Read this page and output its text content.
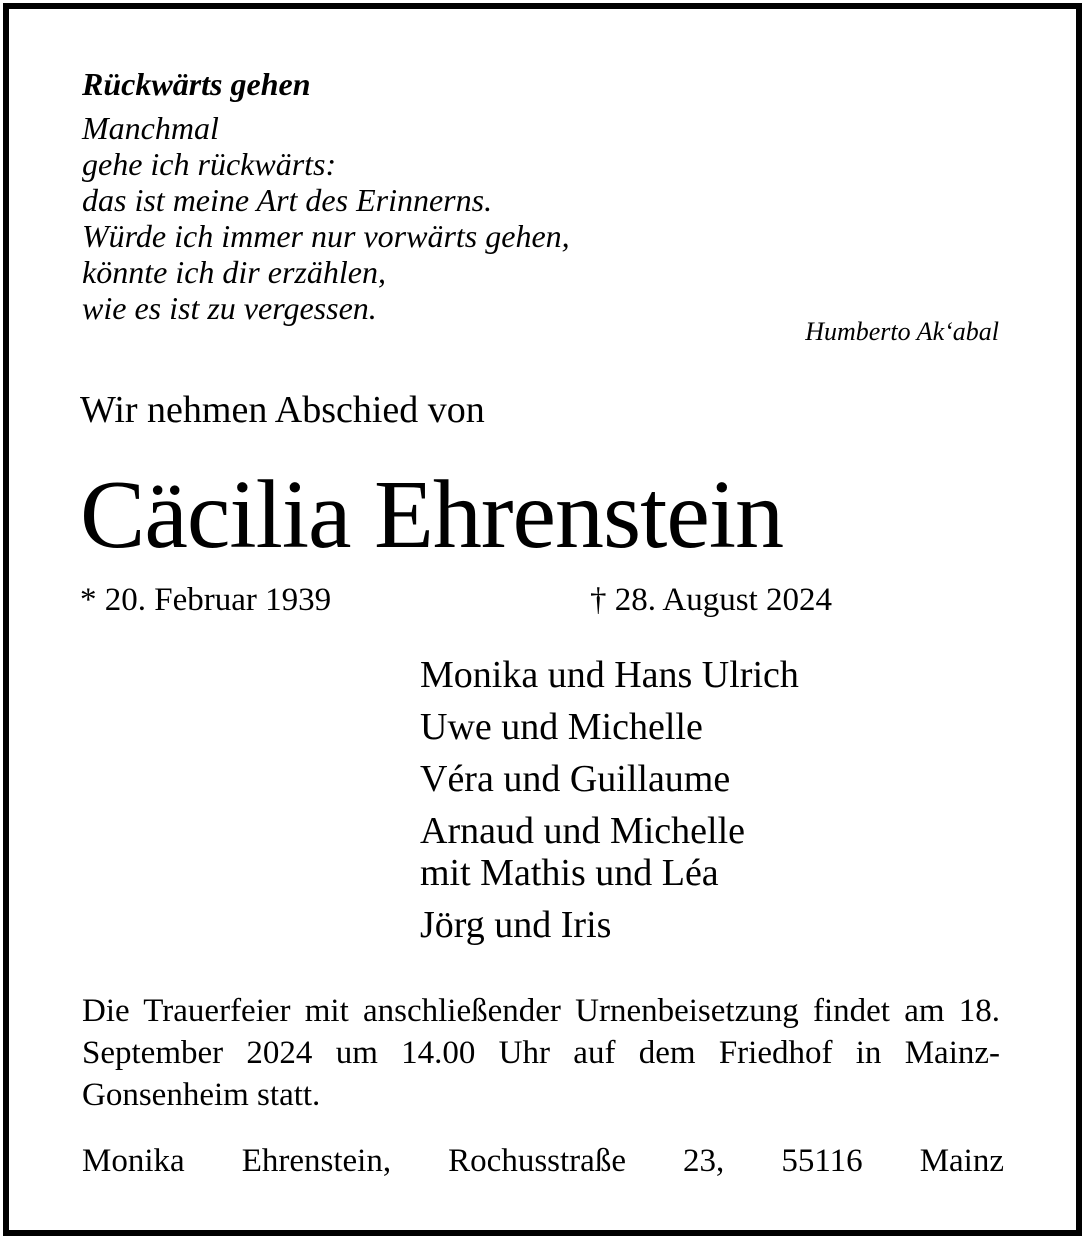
Rückwärts gehen
Manchmal
gehe ich rückwärts:
das ist meine Art des Erinnerns.
Würde ich immer nur vorwärts gehen,
könnte ich dir erzählen,
wie es ist zu vergessen.
Humberto Ak‘abal
Wir nehmen Abschied von
Cäcilia Ehrenstein
* 20. Februar 1939	† 28. August 2024
Monika und Hans Ulrich
Uwe und Michelle
Véra und Guillaume
Arnaud und Michelle
mit Mathis und Léa
Jörg und Iris
Die Trauerfeier mit anschließender Urnenbeisetzung findet am 18. September 2024 um 14.00 Uhr auf dem Friedhof in Mainz-Gonsenheim statt.
Monika Ehrenstein, Rochusstraße 23, 55116 Mainz
